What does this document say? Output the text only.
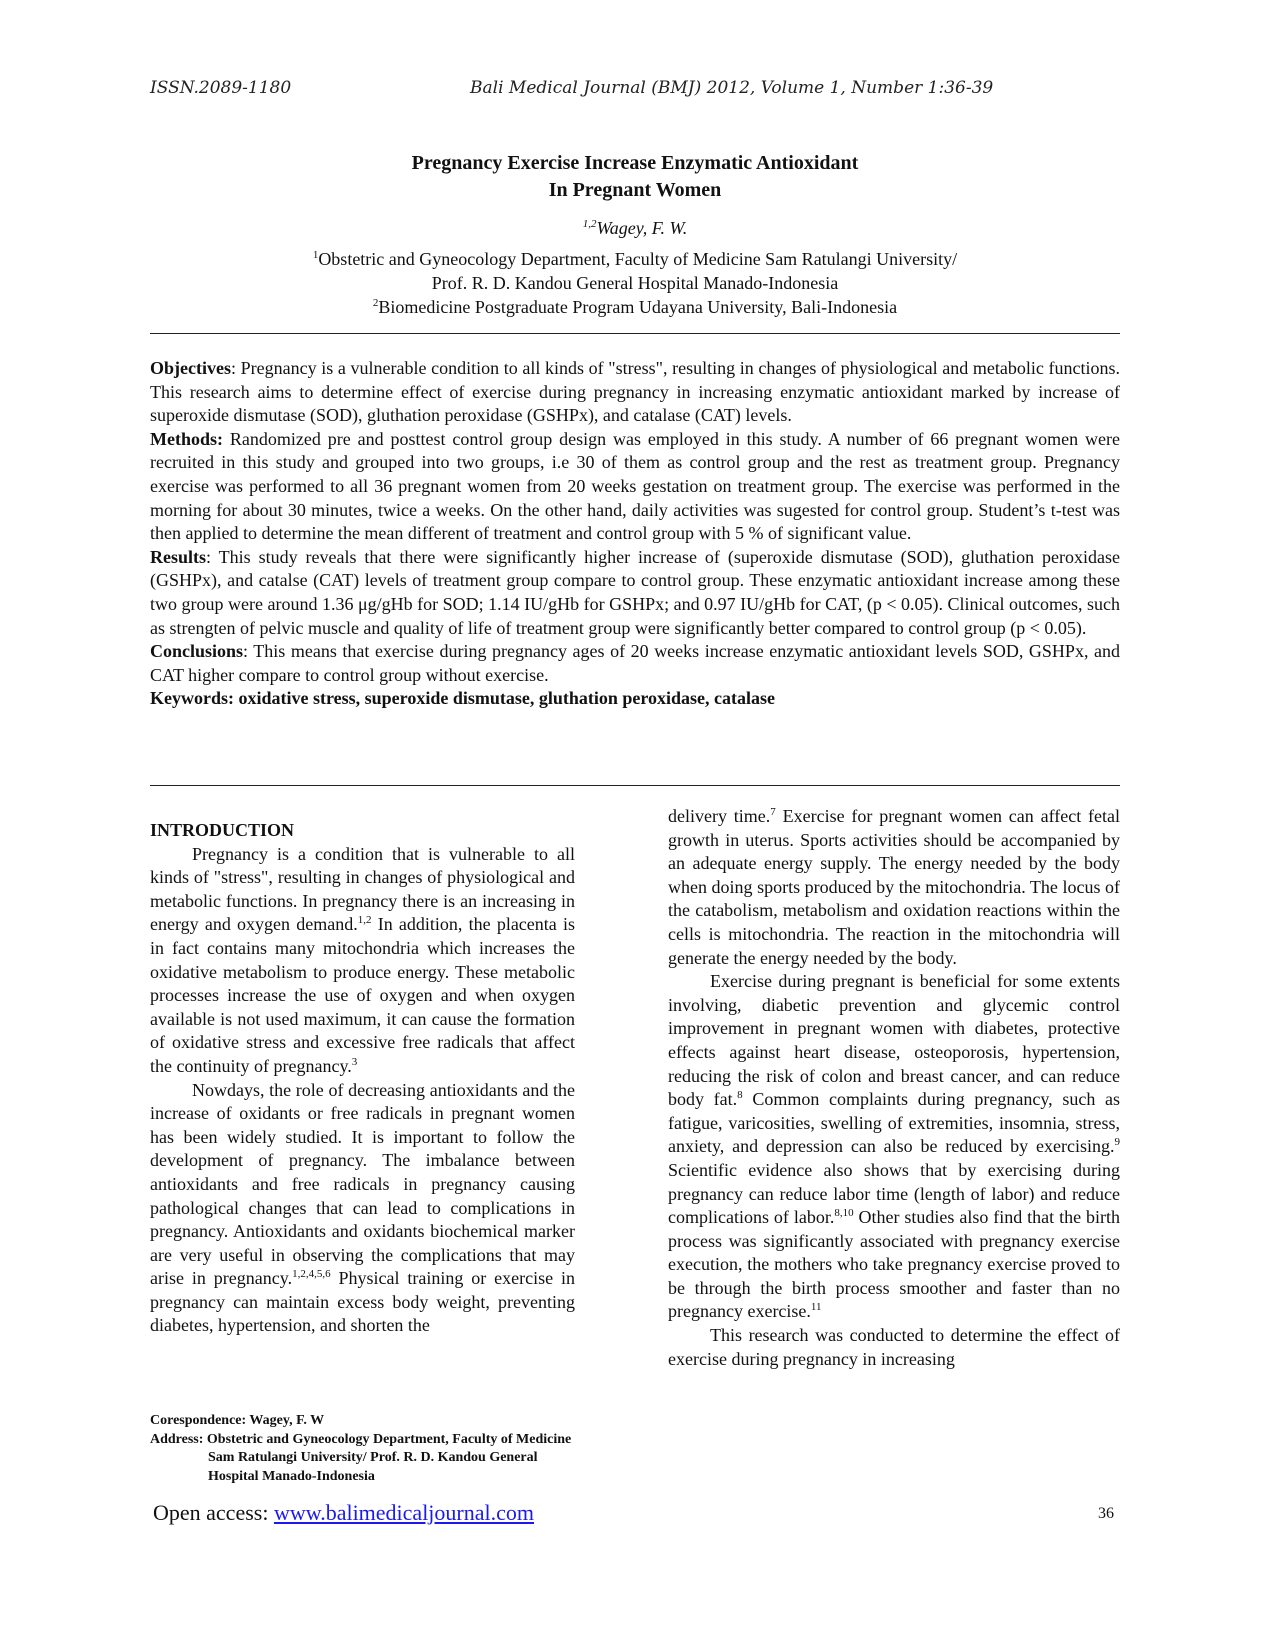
ISSN.2089-1180	Bali Medical Journal (BMJ) 2012, Volume 1, Number 1:36-39
Pregnancy Exercise Increase Enzymatic Antioxidant
In Pregnant Women
$^{1,2}$Wagey, F. W.
$^1$Obstetric and Gyneocology Department, Faculty of Medicine Sam Ratulangi University/
Prof. R. D. Kandou General Hospital Manado-Indonesia
$^2$Biomedicine Postgraduate Program Udayana University, Bali-Indonesia

Objectives: Pregnancy is a vulnerable condition to all kinds of "stress", resulting in changes of physiological and metabolic functions. This research aims to determine effect of exercise during pregnancy in increasing enzymatic antioxidant marked by increase of superoxide dismutase (SOD), gluthation peroxidase (GSHPx), and catalase (CAT) levels.

Methods: Randomized pre and posttest control group design was employed in this study. A number of 66 pregnant women were recruited in this study and grouped into two groups, i.e 30 of them as control group and the rest as treatment group. Pregnancy exercise was performed to all 36 pregnant women from 20 weeks gestation on treatment group. The exercise was performed in the morning for about 30 minutes, twice a weeks. On the other hand, daily activities was sugested for control group. Student’s t-test was then applied to determine the mean different of treatment and control group with 5 % of significant value.

Results: This study reveals that there were significantly higher increase of (superoxide dismutase (SOD), gluthation peroxidase (GSHPx), and catalse (CAT) levels of treatment group compare to control group. These enzymatic antioxidant increase among these two group were around 1.36 μg/gHb for SOD; 1.14 IU/gHb for GSHPx; and 0.97 IU/gHb for CAT, (p < 0.05). Clinical outcomes, such as strengten of pelvic muscle and quality of life of treatment group were significantly better compared to control group (p < 0.05).

Conclusions: This means that exercise during pregnancy ages of 20 weeks increase enzymatic antioxidant levels SOD, GSHPx, and CAT higher compare to control group without exercise.

Keywords: oxidative stress, superoxide dismutase, gluthation peroxidase, catalase

INTRODUCTION

Pregnancy is a condition that is vulnerable to all kinds of "stress", resulting in changes of physiological and metabolic functions. In pregnancy there is an increasing in energy and oxygen demand.$^{1,2}$ In addition, the placenta is in fact contains many mitochondria which increases the oxidative metabolism to produce energy. These metabolic processes increase the use of oxygen and when oxygen available is not used maximum, it can cause the formation of oxidative stress and excessive free radicals that affect the continuity of pregnancy.$^3$

Nowdays, the role of decreasing antioxidants and the increase of oxidants or free radicals in pregnant women has been widely studied. It is important to follow the development of pregnancy. The imbalance between antioxidants and free radicals in pregnancy causing pathological changes that can lead to complications in pregnancy. Antioxidants and oxidants biochemical marker are very useful in observing the complications that may arise in pregnancy.$^{1,2,4,5,6}$ Physical training or exercise in pregnancy can maintain excess body weight, preventing diabetes, hypertension, and shorten the

delivery time.$^7$ Exercise for pregnant women can affect fetal growth in uterus. Sports activities should be accompanied by an adequate energy supply. The energy needed by the body when doing sports produced by the mitochondria. The locus of the catabolism, metabolism and oxidation reactions within the cells is mitochondria. The reaction in the mitochondria will generate the energy needed by the body.

Exercise during pregnant is beneficial for some extents involving, diabetic prevention and glycemic control improvement in pregnant women with diabetes, protective effects against heart disease, osteoporosis, hypertension, reducing the risk of colon and breast cancer, and can reduce body fat.$^8$ Common complaints during pregnancy, such as fatigue, varicosities, swelling of extremities, insomnia, stress, anxiety, and depression can also be reduced by exercising.$^9$ Scientific evidence also shows that by exercising during pregnancy can reduce labor time (length of labor) and reduce complications of labor.$^{8,10}$ Other studies also find that the birth process was significantly associated with pregnancy exercise execution, the mothers who take pregnancy exercise proved to be through the birth process smoother and faster than no pregnancy exercise.$^{11}$

This research was conducted to determine the effect of exercise during pregnancy in increasing

Corespondence: Wagey, F. W
Address: Obstetric and Gyneocology Department, Faculty of Medicine Sam Ratulangi University/ Prof. R. D. Kandou General Hospital Manado-Indonesia
Open access: www.balimedicaljournal.com	36
